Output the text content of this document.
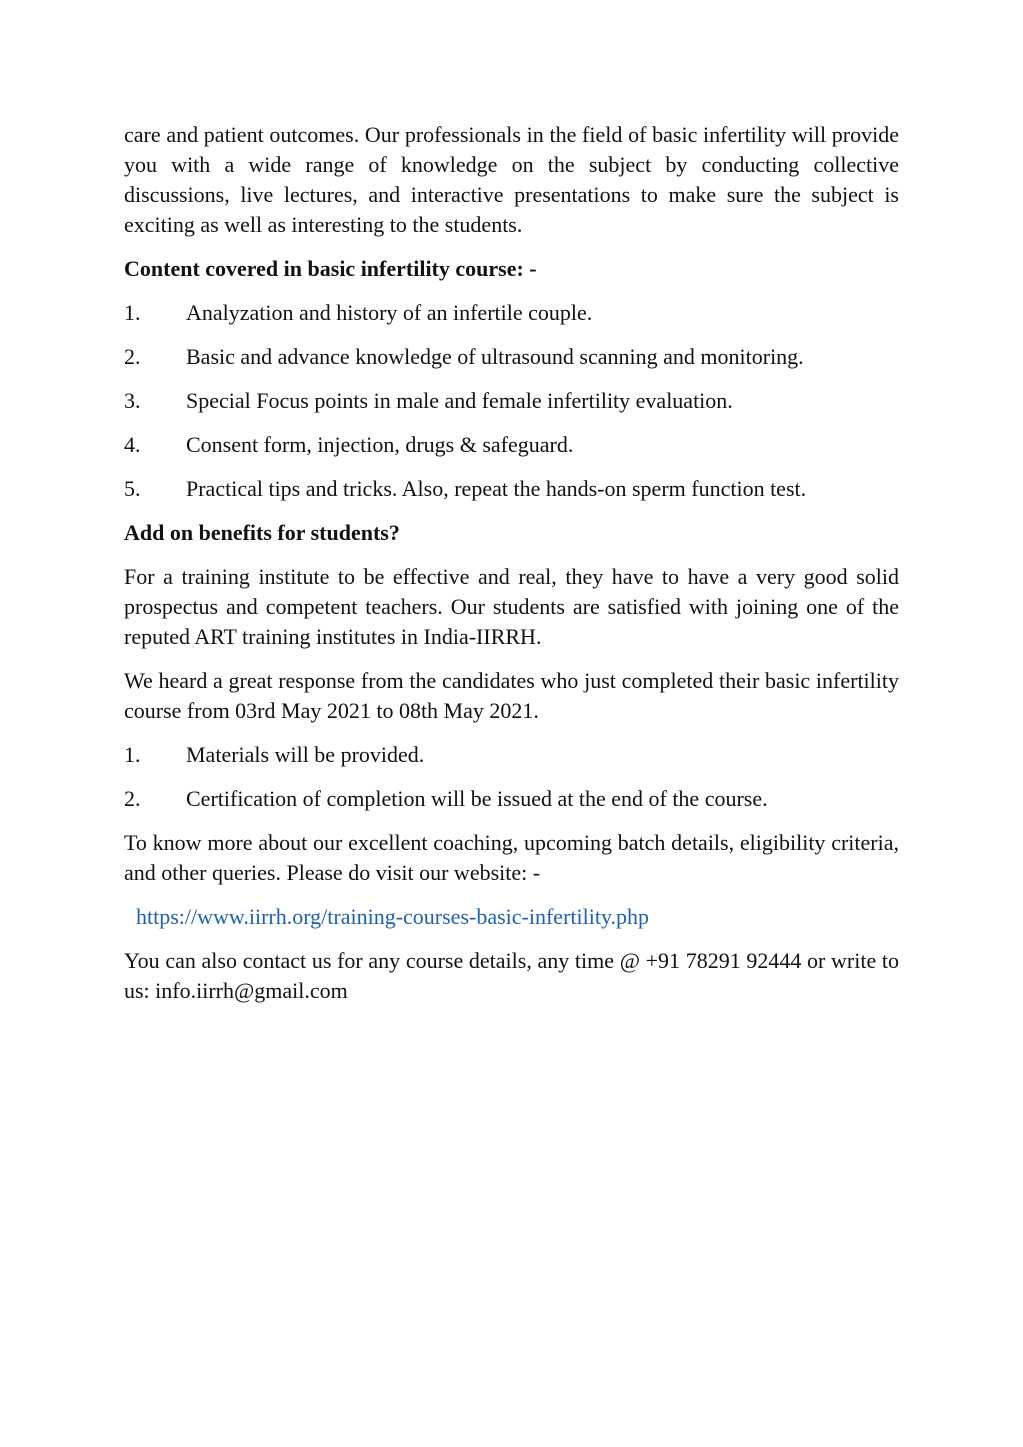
care and patient outcomes. Our professionals in the field of basic infertility will provide you with a wide range of knowledge on the subject by conducting collective discussions, live lectures, and interactive presentations to make sure the subject is exciting as well as interesting to the students.

Content covered in basic infertility course: -
1.	Analyzation and history of an infertile couple.
2.	Basic and advance knowledge of ultrasound scanning and monitoring.
3.	Special Focus points in male and female infertility evaluation.
4.	Consent form, injection, drugs & safeguard.
5.	Practical tips and tricks. Also, repeat the hands-on sperm function test.
Add on benefits for students?

For a training institute to be effective and real, they have to have a very good solid prospectus and competent teachers. Our students are satisfied with joining one of the reputed ART training institutes in India-IIRRH.

We heard a great response from the candidates who just completed their basic infertility course from 03rd May 2021 to 08th May 2021.

1.	Materials will be provided.
2.	Certification of completion will be issued at the end of the course.

To know more about our excellent coaching, upcoming batch details, eligibility criteria, and other queries. Please do visit our website: -

https://www.iirrh.org/training-courses-basic-infertility.php

You can also contact us for any course details, any time @ +91 78291 92444 or write to us: info.iirrh@gmail.com
